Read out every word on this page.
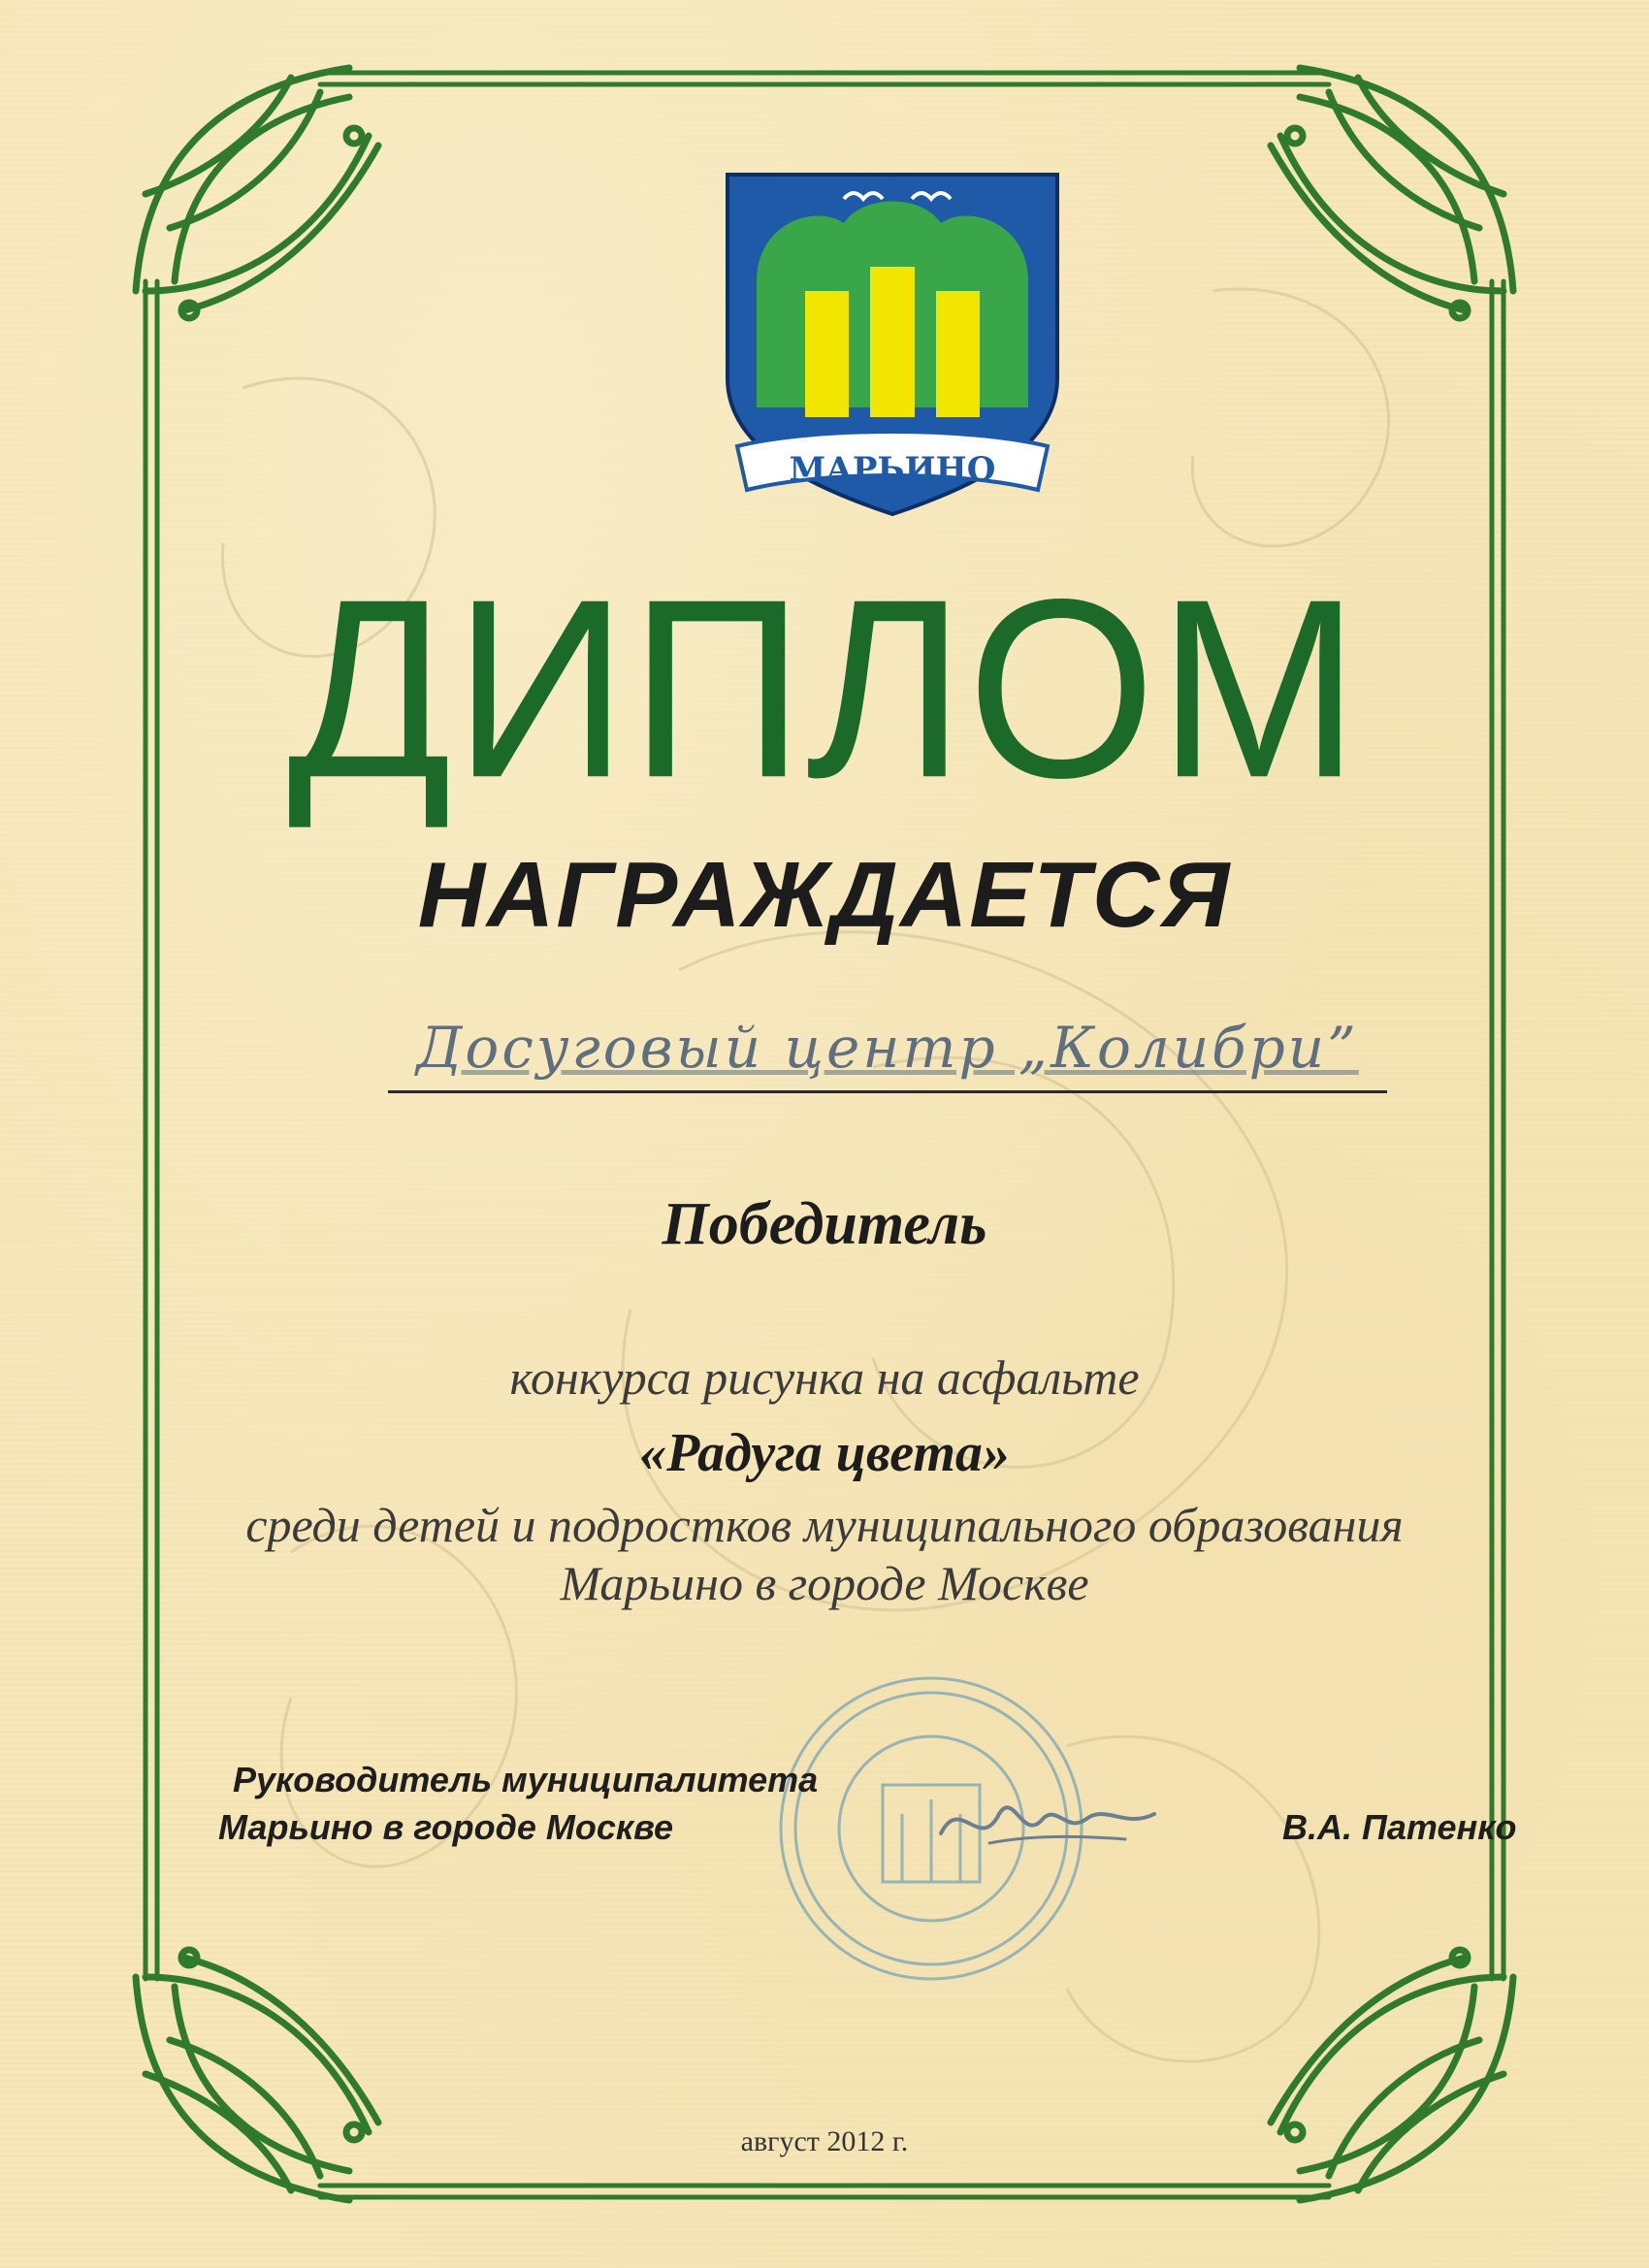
МАРЬИНО
ДИПЛОМ
НАГРАЖДАЕТСЯ
Досуговый центр „Колибри”
Победитель
конкурса рисунка на асфальте
«Радуга цвета»
среди детей и подростков муниципального образования
Марьино в городе Москве
Руководитель муниципалитета
Марьино в городе Москве	В.А. Патенко
август 2012 г.
